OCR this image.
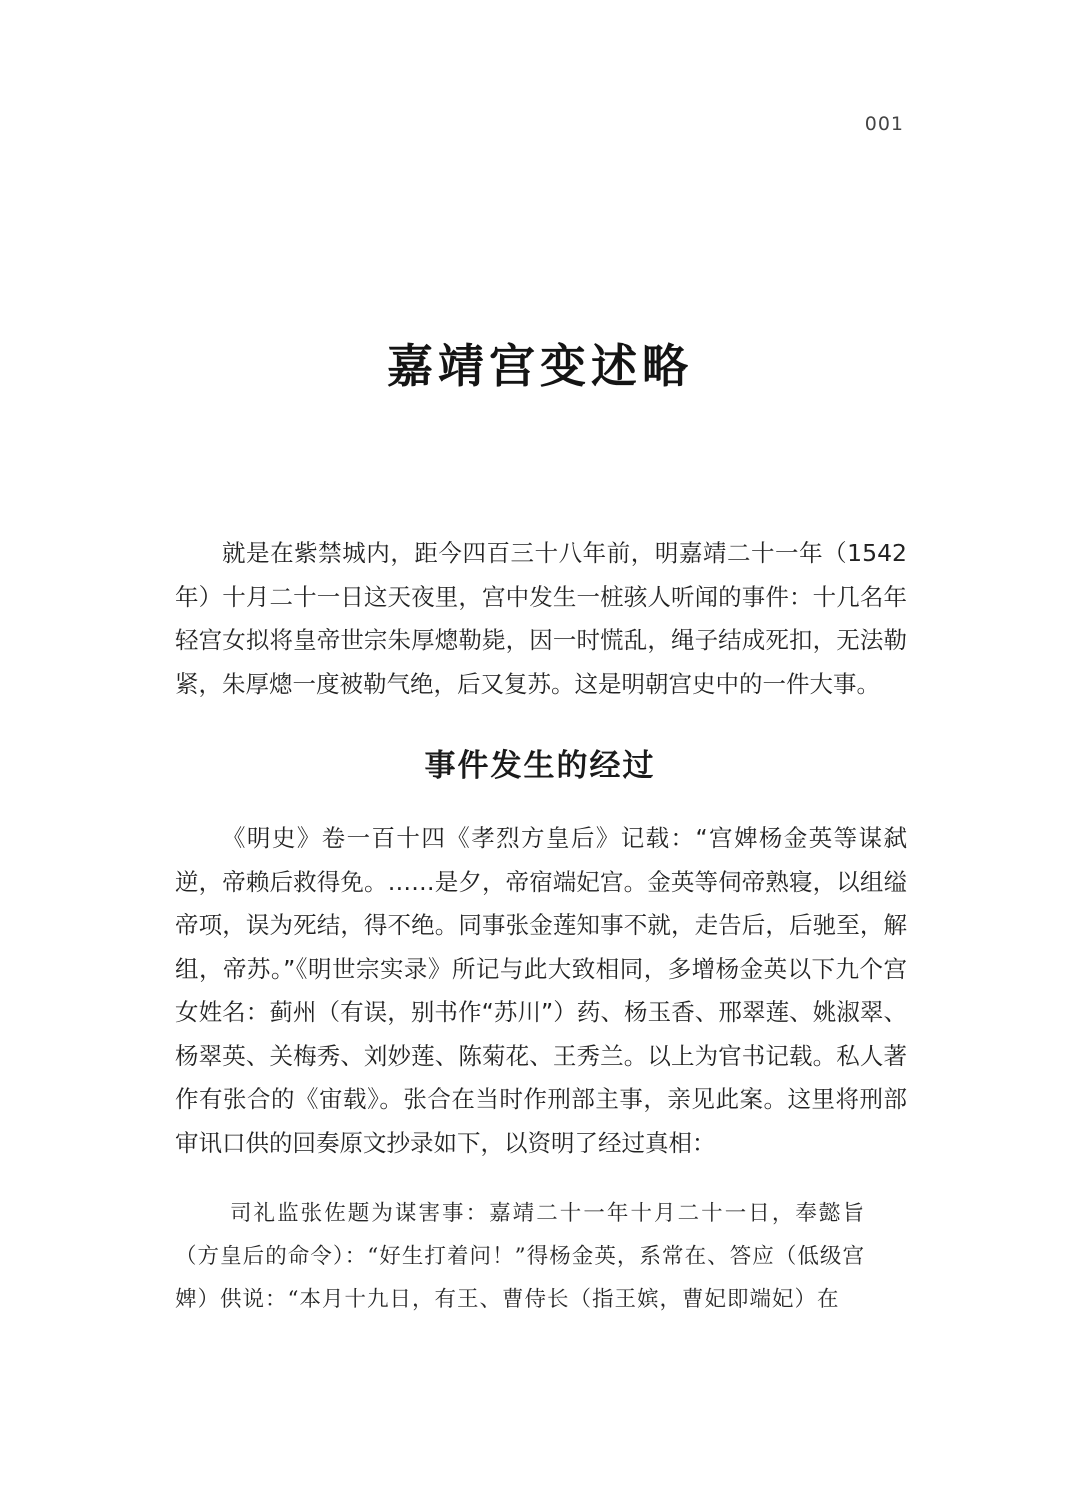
001
嘉靖宫变述略

就是在紫禁城内，距今四百三十八年前，明嘉靖二十一年（1542年）十月二十一日这天夜里，宫中发生一桩骇人听闻的事件：十几名年轻宫女拟将皇帝世宗朱厚熜勒毙，因一时慌乱，绳子结成死扣，无法勒紧，朱厚熜一度被勒气绝，后又复苏。这是明朝宫史中的一件大事。

事件发生的经过

《明史》卷一百十四《孝烈方皇后》记载：“宫婢杨金英等谋弑逆，帝赖后救得免。……是夕，帝宿端妃宫。金英等伺帝熟寝，以组缢帝项，误为死结，得不绝。同事张金莲知事不就，走告后，后驰至，解组，帝苏。”《明世宗实录》所记与此大致相同，多增杨金英以下九个宫女姓名：蓟州（有误，别书作“苏川”）药、杨玉香、邢翠莲、姚淑翠、杨翠英、关梅秀、刘妙莲、陈菊花、王秀兰。以上为官书记载。私人著作有张合的《宙载》。张合在当时作刑部主事，亲见此案。这里将刑部审讯口供的回奏原文抄录如下，以资明了经过真相：

司礼监张佐题为谋害事：嘉靖二十一年十月二十一日，奉懿旨（方皇后的命令）：“好生打着问！”得杨金英，系常在、答应（低级宫婢）供说：“本月十九日，有王、曹侍长（指王嫔，曹妃即端妃）在
